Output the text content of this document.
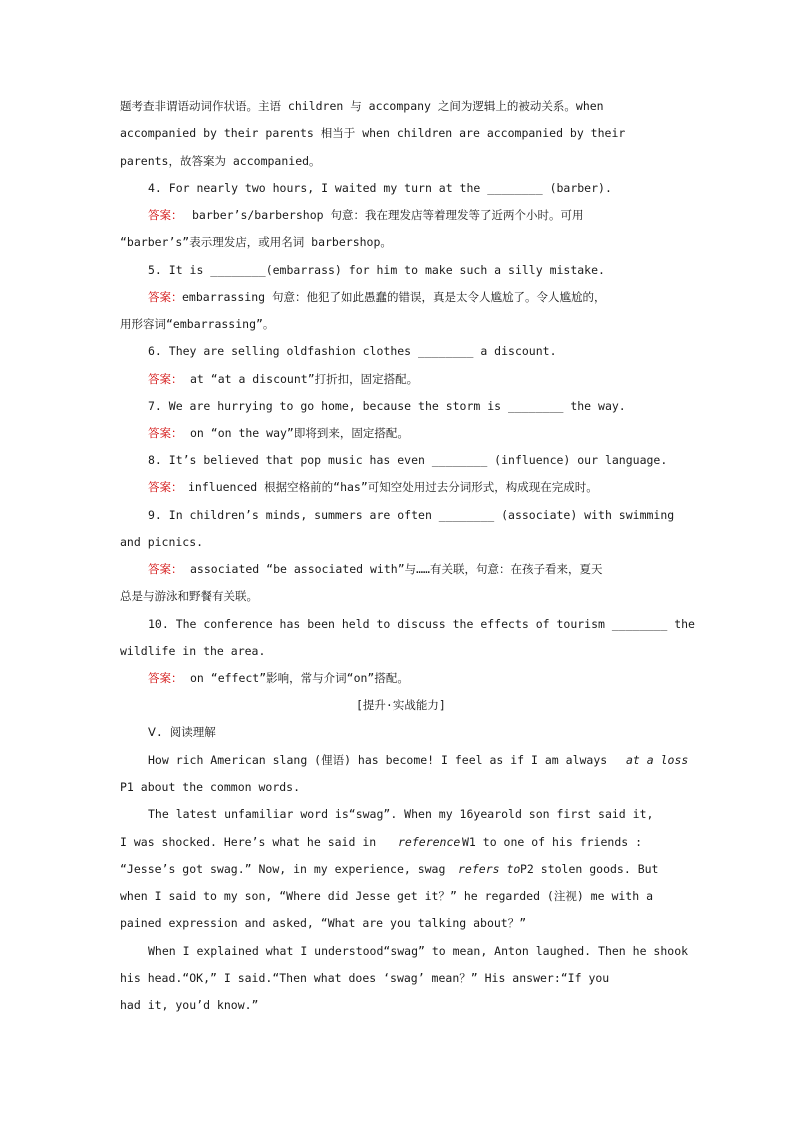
题考查非谓语动词作状语。主语 children 与 accompany 之间为逻辑上的被动关系。when
accompanied by their parents 相当于 when children are accompanied by their
parents，故答案为 accompanied。
4. For nearly two hours, I waited my turn at the ________ (barber).
答案： barber’s/barbershop 句意：我在理发店等着理发等了近两个小时。可用
“barber’s”表示理发店，或用名词 barbershop。
5. It is ________(embarrass) for him to make such a silly mistake.
答案： embarrassing 句意：他犯了如此愚蠢的错误，真是太令人尴尬了。令人尴尬的，
用形容词“embarrassing”。
6. They are selling oldfashion clothes ________ a discount.
答案： at “at a discount”打折扣，固定搭配。
7. We are hurrying to go home, because the storm is ________ the way.
答案： on “on the way”即将到来，固定搭配。
8. It’s believed that pop music has even ________ (influence) our language.
答案： influenced 根据空格前的“has”可知空处用过去分词形式，构成现在完成时。
9. In children’s minds, summers are often ________ (associate) with swimming
and picnics.
答案： associated “be associated with”与……有关联，句意：在孩子看来，夏天
总是与游泳和野餐有关联。
10. The conference has been held to discuss the effects of tourism ________ the
wildlife in the area.
答案： on “effect”影响，常与介词“on”搭配。
[提升·实战能力]
Ⅴ. 阅读理解
How rich American slang (俚语) has become! I feel as if I am always at a loss
P1 about the common words.
The latest unfamiliar word is“swag”. When my 16yearold son first said it,
I was shocked. Here’s what he said in reference W1 to one of his friends :
“Jesse’s got swag.” Now, in my experience, swag refers to P2 stolen goods. But
when I said to my son, “Where did Jesse get it？” he regarded (注视) me with a
pained expression and asked, “What are you talking about？”
When I explained what I understood“swag” to mean, Anton laughed. Then he shook
his head.“OK,” I said.“Then what does ‘swag’ mean？” His answer:“If you
had it, you’d know.”
